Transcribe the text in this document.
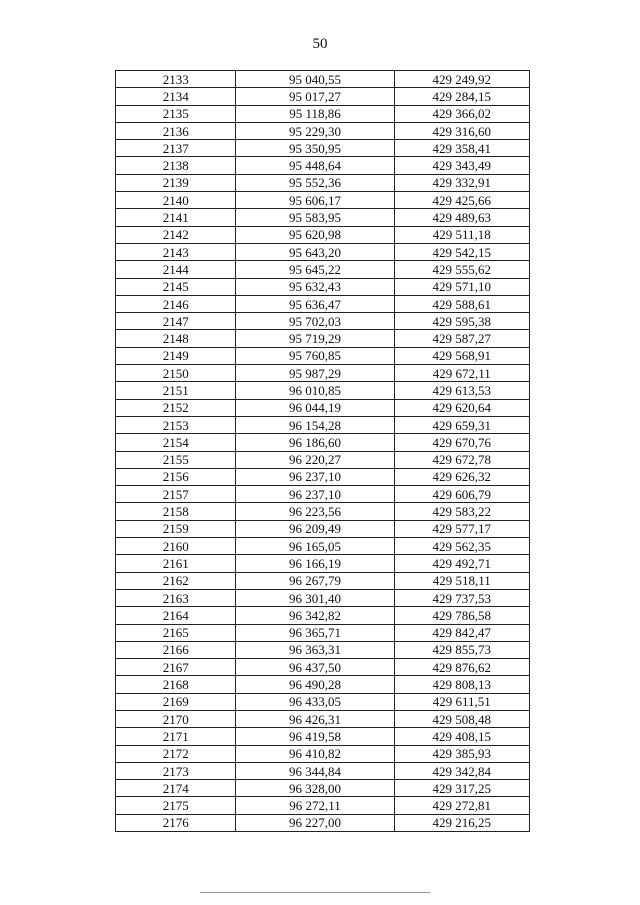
50
2133	95 040,55	429 249,92
2134	95 017,27	429 284,15
2135	95 118,86	429 366,02
2136	95 229,30	429 316,60
2137	95 350,95	429 358,41
2138	95 448,64	429 343,49
2139	95 552,36	429 332,91
2140	95 606,17	429 425,66
2141	95 583,95	429 489,63
2142	95 620,98	429 511,18
2143	95 643,20	429 542,15
2144	95 645,22	429 555,62
2145	95 632,43	429 571,10
2146	95 636,47	429 588,61
2147	95 702,03	429 595,38
2148	95 719,29	429 587,27
2149	95 760,85	429 568,91
2150	95 987,29	429 672,11
2151	96 010,85	429 613,53
2152	96 044,19	429 620,64
2153	96 154,28	429 659,31
2154	96 186,60	429 670,76
2155	96 220,27	429 672,78
2156	96 237,10	429 626,32
2157	96 237,10	429 606,79
2158	96 223,56	429 583,22
2159	96 209,49	429 577,17
2160	96 165,05	429 562,35
2161	96 166,19	429 492,71
2162	96 267,79	429 518,11
2163	96 301,40	429 737,53
2164	96 342,82	429 786,58
2165	96 365,71	429 842,47
2166	96 363,31	429 855,73
2167	96 437,50	429 876,62
2168	96 490,28	429 808,13
2169	96 433,05	429 611,51
2170	96 426,31	429 508,48
2171	96 419,58	429 408,15
2172	96 410,82	429 385,93
2173	96 344,84	429 342,84
2174	96 328,00	429 317,25
2175	96 272,11	429 272,81
2176	96 227,00	429 216,25
